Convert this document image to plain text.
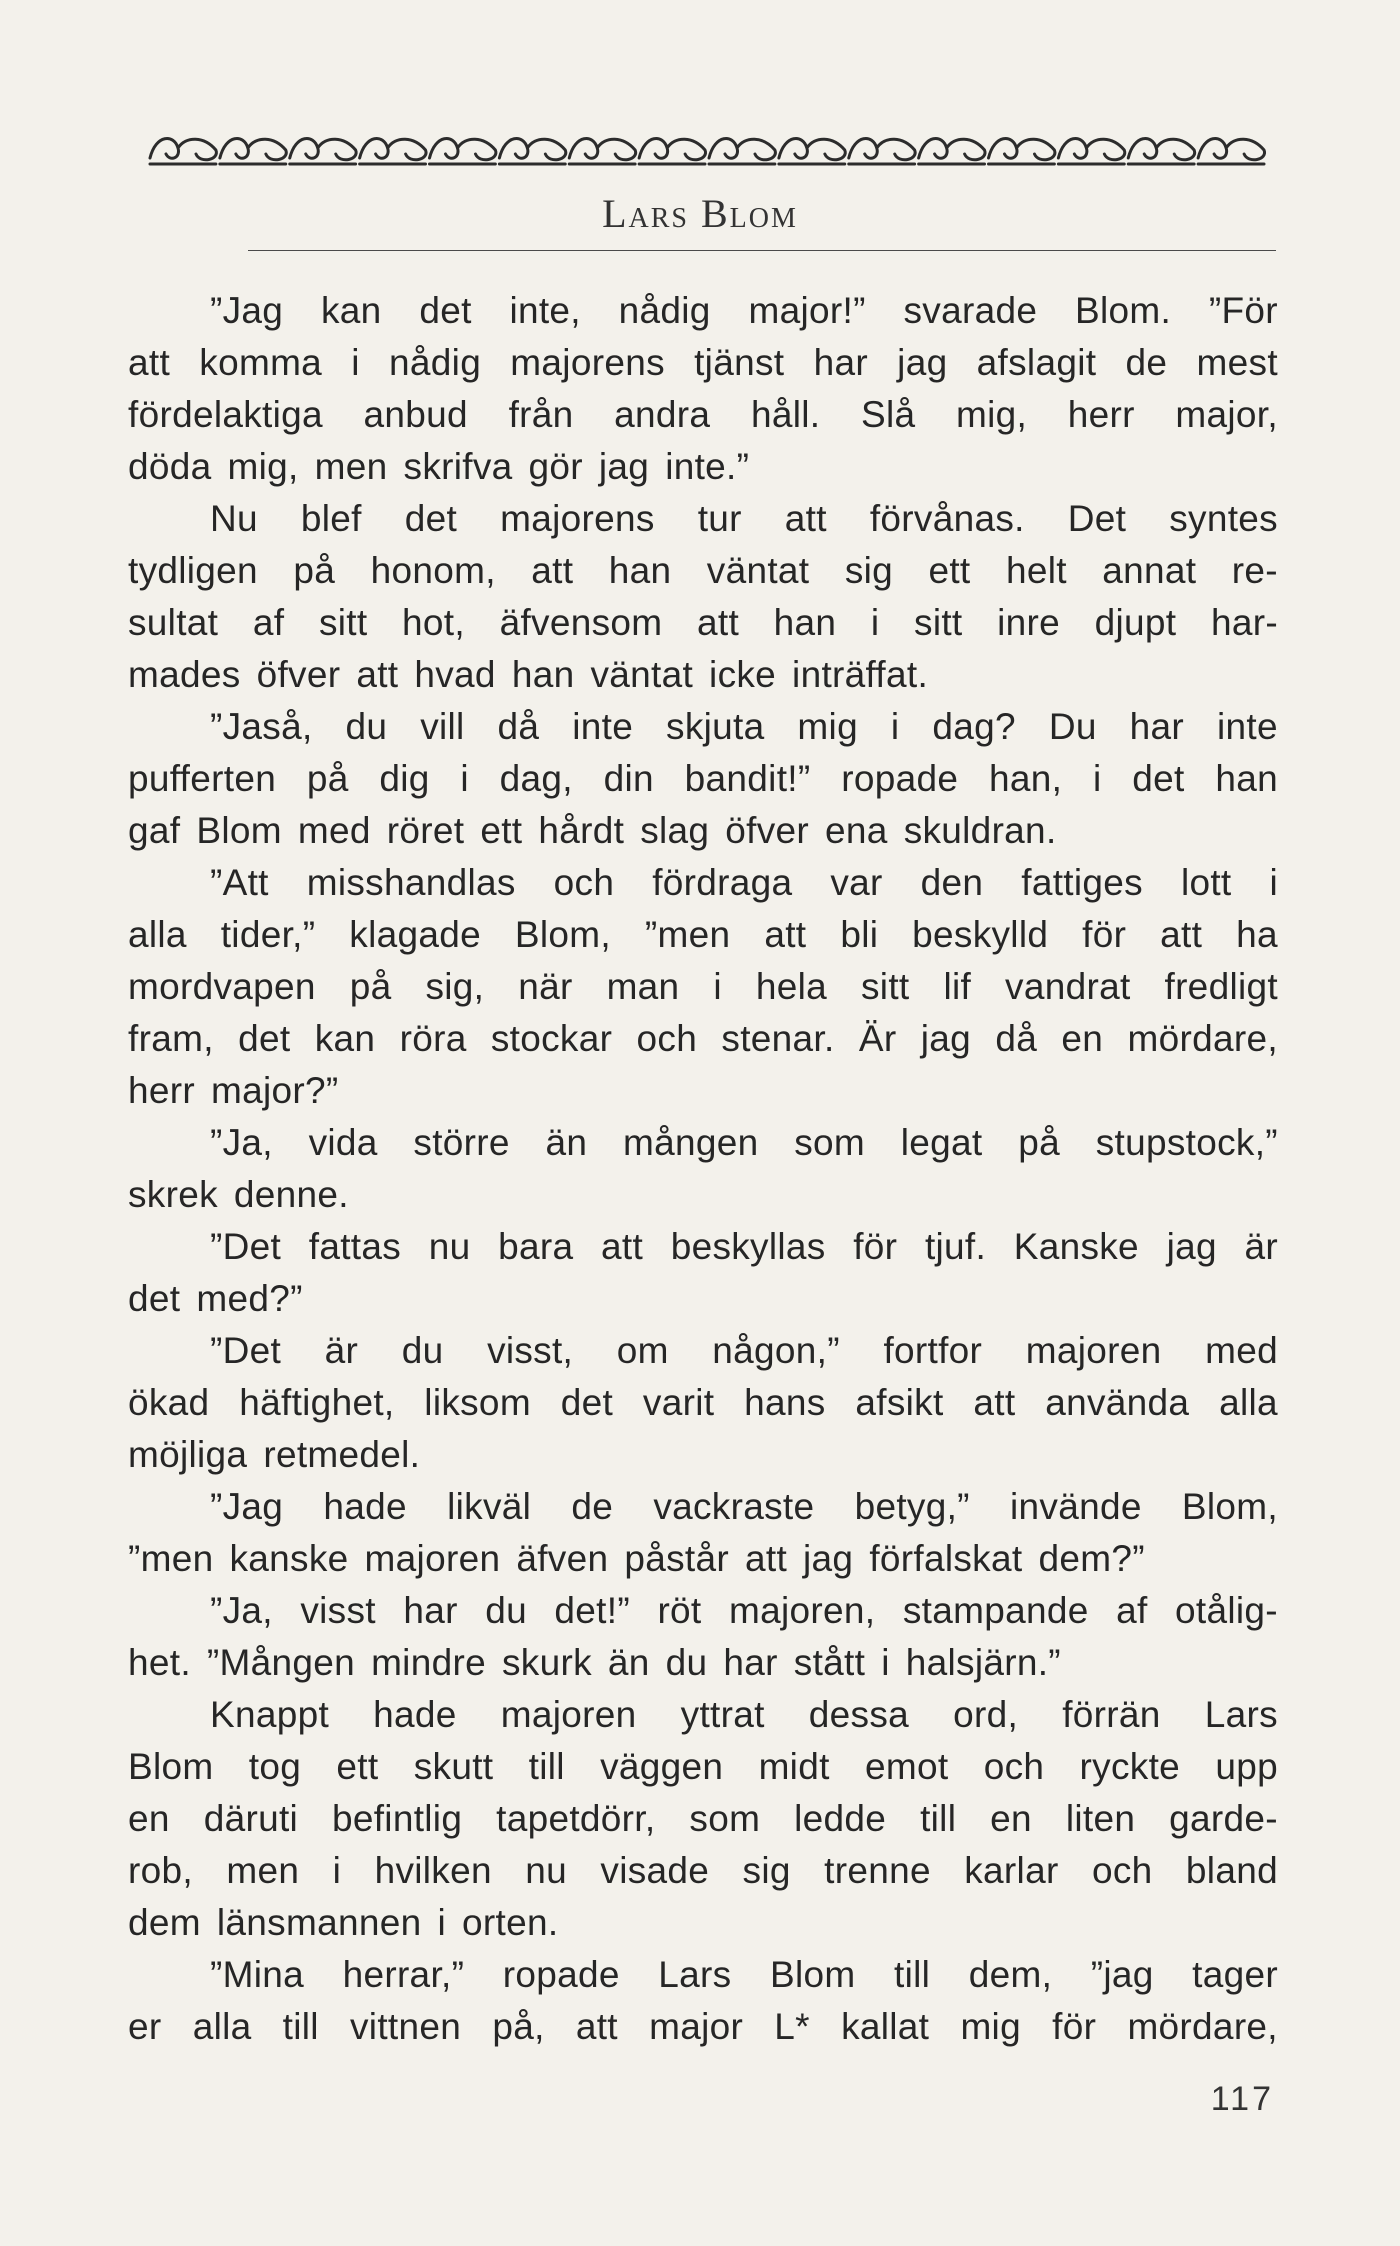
Lars Blom
”Jag kan det inte, nådig major!” svarade Blom. ”För
att komma i nådig majorens tjänst har jag afslagit de mest
fördelaktiga anbud från andra håll. Slå mig, herr major,
döda mig, men skrifva gör jag inte.”
Nu blef det majorens tur att förvånas. Det syntes
tydligen på honom, att han väntat sig ett helt annat re-
sultat af sitt hot, äfvensom att han i sitt inre djupt har-
mades öfver att hvad han väntat icke inträffat.
”Jaså, du vill då inte skjuta mig i dag? Du har inte
pufferten på dig i dag, din bandit!” ropade han, i det han
gaf Blom med röret ett hårdt slag öfver ena skuldran.
”Att misshandlas och fördraga var den fattiges lott i
alla tider,” klagade Blom, ”men att bli beskylld för att ha
mordvapen på sig, när man i hela sitt lif vandrat fredligt
fram, det kan röra stockar och stenar. Är jag då en mördare,
herr major?”
”Ja, vida större än mången som legat på stupstock,”
skrek denne.
”Det fattas nu bara att beskyllas för tjuf. Kanske jag är
det med?”
”Det är du visst, om någon,” fortfor majoren med
ökad häftighet, liksom det varit hans afsikt att använda alla
möjliga retmedel.
”Jag hade likväl de vackraste betyg,” invände Blom,
”men kanske majoren äfven påstår att jag förfalskat dem?”
”Ja, visst har du det!” röt majoren, stampande af otålig-
het. ”Mången mindre skurk än du har stått i halsjärn.”
Knappt hade majoren yttrat dessa ord, förrän Lars
Blom tog ett skutt till väggen midt emot och ryckte upp
en däruti befintlig tapetdörr, som ledde till en liten garde-
rob, men i hvilken nu visade sig trenne karlar och bland
dem länsmannen i orten.
”Mina herrar,” ropade Lars Blom till dem, ”jag tager
er alla till vittnen på, att major L* kallat mig för mördare,
117
